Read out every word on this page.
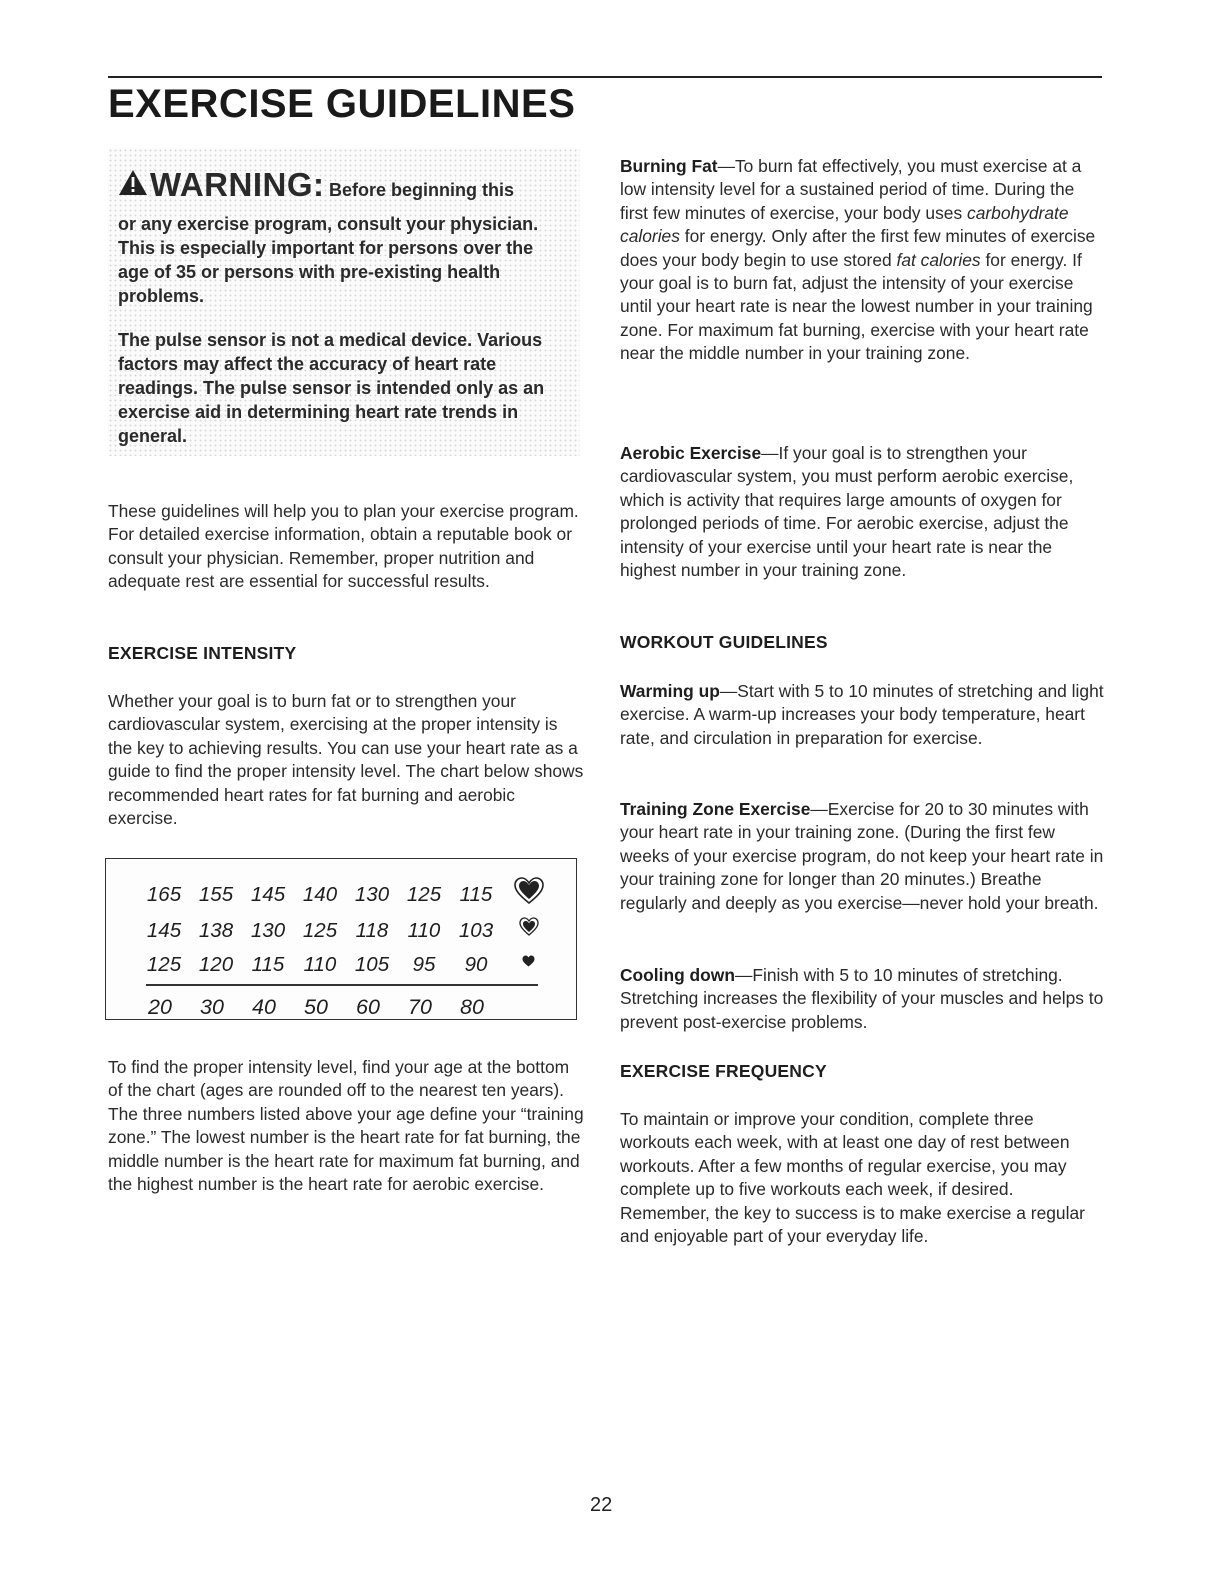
EXERCISE GUIDELINES
WARNING: Before beginning this

or any exercise program, consult your physician. This is especially important for persons over the age of 35 or persons with pre-existing health problems.

The pulse sensor is not a medical device. Various factors may affect the accuracy of heart rate readings. The pulse sensor is intended only as an exercise aid in determining heart rate trends in general.

These guidelines will help you to plan your exercise program. For detailed exercise information, obtain a reputable book or consult your physician. Remember, proper nutrition and adequate rest are essential for successful results.

EXERCISE INTENSITY

Whether your goal is to burn fat or to strengthen your cardiovascular system, exercising at the proper intensity is the key to achieving results. You can use your heart rate as a guide to find the proper intensity level. The chart below shows recommended heart rates for fat burning and aerobic exercise.

165 155 145 140 130 125 115
145 138 130 125 118 110 103
125 120 115 110 105	95	90
20	30	40	50	60	70	80

To find the proper intensity level, find your age at the bottom of the chart (ages are rounded off to the nearest ten years). The three numbers listed above your age define your “training zone.” The lowest number is the heart rate for fat burning, the middle number is the heart rate for maximum fat burning, and the highest number is the heart rate for aerobic exercise.

Burning Fat—To burn fat effectively, you must exercise at a low intensity level for a sustained period of time. During the first few minutes of exercise, your body uses carbohydrate calories for energy. Only after the first few minutes of exercise does your body begin to use stored fat calories for energy. If your goal is to burn fat, adjust the intensity of your exercise until your heart rate is near the lowest number in your training zone. For maximum fat burning, exercise with your heart rate near the middle number in your training zone.

Aerobic Exercise—If your goal is to strengthen your cardiovascular system, you must perform aerobic exercise, which is activity that requires large amounts of oxygen for prolonged periods of time. For aerobic exercise, adjust the intensity of your exercise until your heart rate is near the highest number in your training zone.

WORKOUT GUIDELINES

Warming up—Start with 5 to 10 minutes of stretching and light exercise. A warm-up increases your body temperature, heart rate, and circulation in preparation for exercise.

Training Zone Exercise—Exercise for 20 to 30 minutes with your heart rate in your training zone. (During the first few weeks of your exercise program, do not keep your heart rate in your training zone for longer than 20 minutes.) Breathe regularly and deeply as you exercise—never hold your breath.

Cooling down—Finish with 5 to 10 minutes of stretching. Stretching increases the flexibility of your muscles and helps to prevent post-exercise problems.

EXERCISE FREQUENCY

To maintain or improve your condition, complete three workouts each week, with at least one day of rest between workouts. After a few months of regular exercise, you may complete up to five workouts each week, if desired. Remember, the key to success is to make exercise a regular and enjoyable part of your everyday life.

22
